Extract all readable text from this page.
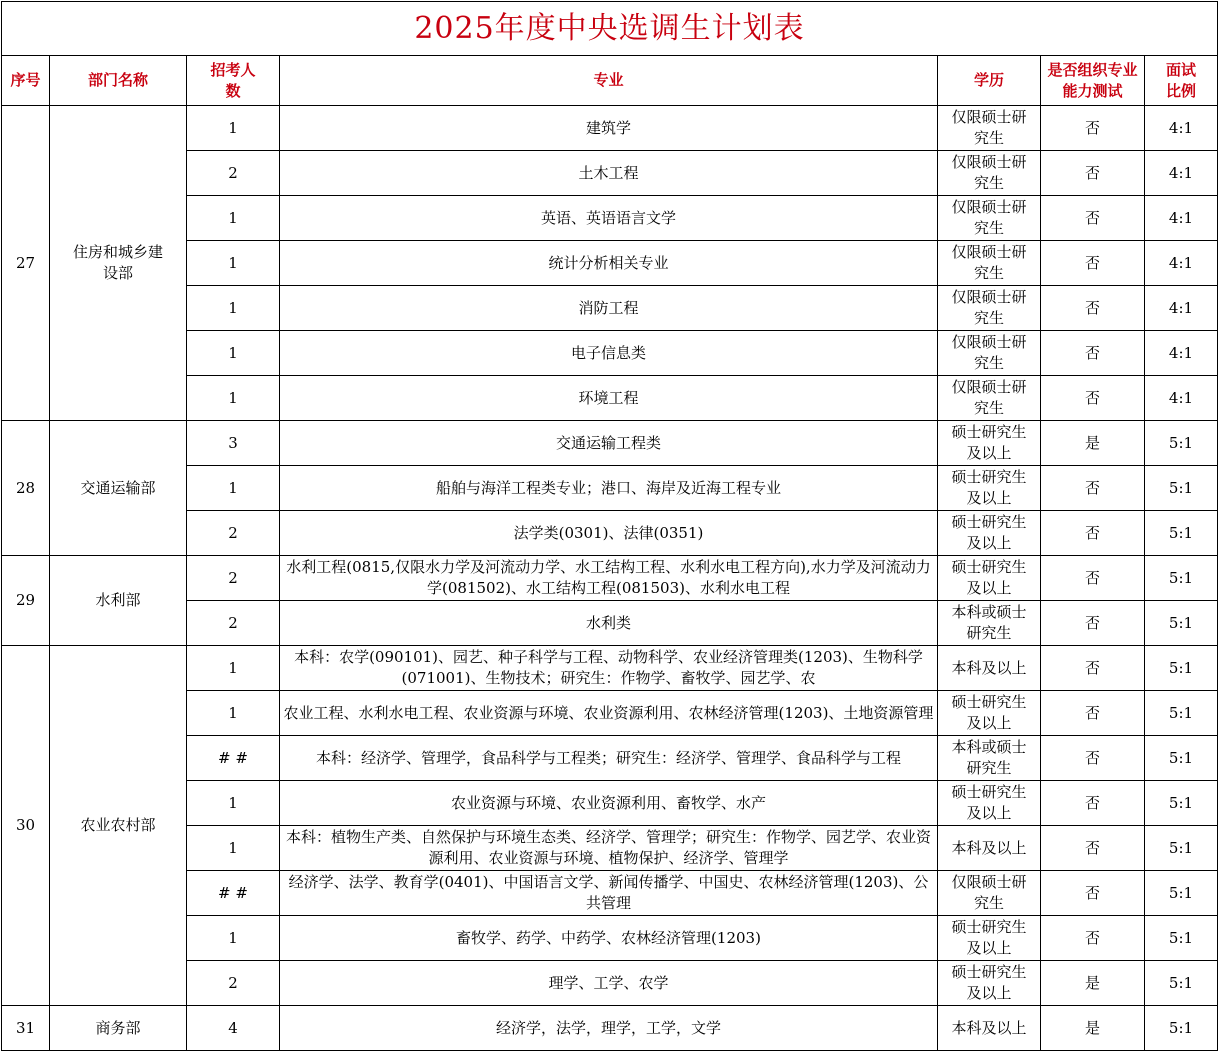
2025年度中央选调生计划表						
序号	部门名称	招考人数	专业	学历	是否组织专业能力测试	面试比例

27	住房和城乡建设部	1	建筑学	仅限硕士研究生	否	4:1
		2	土木工程	仅限硕士研究生	否	4:1
		1	英语、英语语言文学	仅限硕士研究生	否	4:1
		1	统计分析相关专业	仅限硕士研究生	否	4:1
		1	消防工程	仅限硕士研究生	否	4:1
		1	电子信息类	仅限硕士研究生	否	4:1
		1	环境工程	仅限硕士研究生	否	4:1
28	交通运输部	3	交通运输工程类	硕士研究生及以上	是	5:1
		1	船舶与海洋工程类专业；港口、海岸及近海工程专业	硕士研究生及以上	否	5:1
		2	法学类(0301)、法律(0351)	硕士研究生及以上	否	5:1
29	水利部	2	水利工程(0815,仅限水力学及河流动力学、水工结构工程、水利水电工程方向),水力学及河流动力学(081502)、水工结构工程(081503)、水利水电工程	硕士研究生及以上	否	5:1
		2	水利类	本科或硕士研究生	否	5:1
30	农业农村部	1	本科：农学(090101)、园艺、种子科学与工程、动物科学、农业经济管理类(1203)、生物科学(071001)、生物技术；研究生：作物学、畜牧学、园艺学、农	本科及以上	否	5:1
		1	农业工程、水利水电工程、农业资源与环境、农业资源利用、农林经济管理(1203)、土地资源管理	硕士研究生及以上	否	5:1
		# #	本科：经济学、管理学，食品科学与工程类；研究生：经济学、管理学、食品科学与工程	本科或硕士研究生	否	5:1
		1	农业资源与环境、农业资源利用、畜牧学、水产	硕士研究生及以上	否	5:1
		1	本科：植物生产类、自然保护与环境生态类、经济学、管理学；研究生：作物学、园艺学、农业资源利用、农业资源与环境、植物保护、经济学、管理学	本科及以上	否	5:1
		# #	经济学、法学、教育学(0401)、中国语言文学、新闻传播学、中国史、农林经济管理(1203)、公共管理	仅限硕士研究生	否	5:1
		1	畜牧学、药学、中药学、农林经济管理(1203)	硕士研究生及以上	否	5:1
		2	理学、工学、农学	硕士研究生及以上	是	5:1
31	商务部	4	经济学，法学，理学，工学，文学	本科及以上	是	5:1
